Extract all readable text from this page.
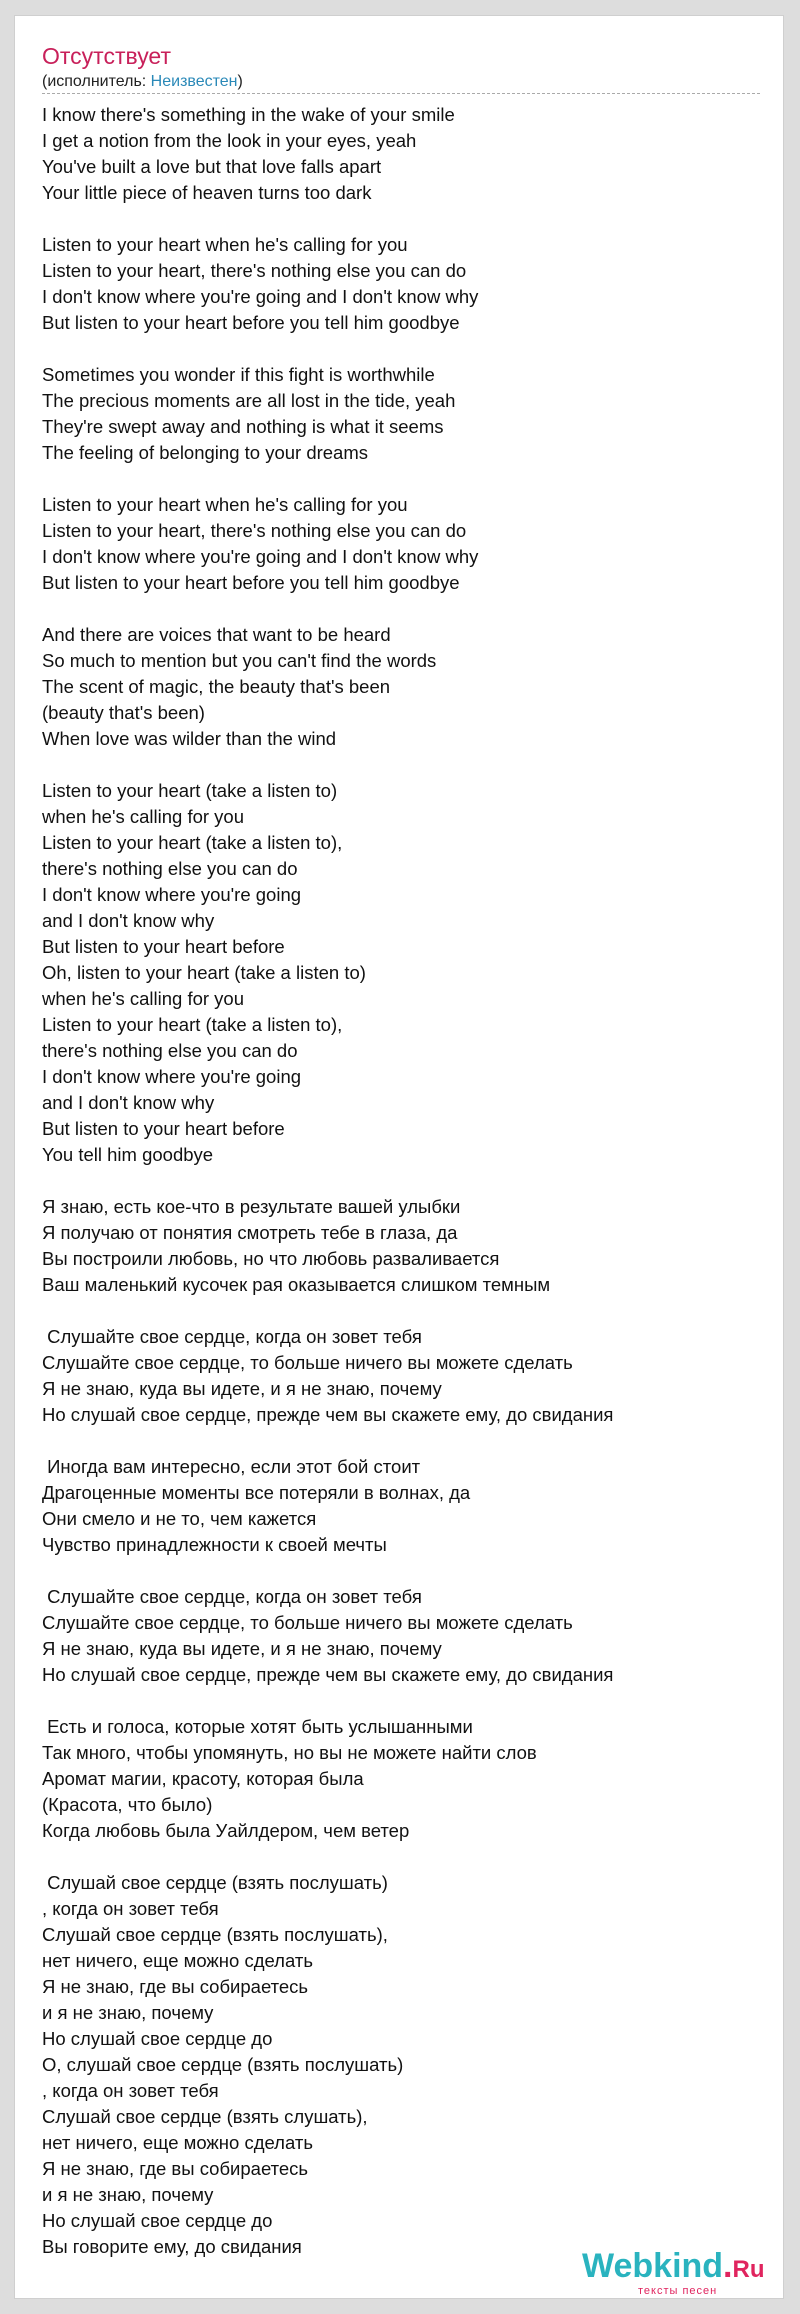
Отсутствует
(исполнитель: Неизвестен)
I know there's something in the wake of your smile
I get a notion from the look in your eyes, yeah
You've built a love but that love falls apart
Your little piece of heaven turns too dark
Listen to your heart when he's calling for you
Listen to your heart, there's nothing else you can do
I don't know where you're going and I don't know why
But listen to your heart before you tell him goodbye
Sometimes you wonder if this fight is worthwhile
The precious moments are all lost in the tide, yeah
They're swept away and nothing is what it seems
The feeling of belonging to your dreams
Listen to your heart when he's calling for you
Listen to your heart, there's nothing else you can do
I don't know where you're going and I don't know why
But listen to your heart before you tell him goodbye
And there are voices that want to be heard
So much to mention but you can't find the words
The scent of magic, the beauty that's been
(beauty that's been)
When love was wilder than the wind
Listen to your heart (take a listen to)
when he's calling for you
Listen to your heart (take a listen to),
there's nothing else you can do
I don't know where you're going
and I don't know why
But listen to your heart before
Oh, listen to your heart (take a listen to)
when he's calling for you
Listen to your heart (take a listen to),
there's nothing else you can do
I don't know where you're going
and I don't know why
But listen to your heart before
You tell him goodbye
Я знаю, есть кое-что в результате вашей улыбки
Я получаю от понятия смотреть тебе в глаза, да
Вы построили любовь, но что любовь разваливается
Ваш маленький кусочек рая оказывается слишком темным
Слушайте свое сердце, когда он зовет тебя
Слушайте свое сердце, то больше ничего вы можете сделать
Я не знаю, куда вы идете, и я не знаю, почему
Но слушай свое сердце, прежде чем вы скажете ему, до свидания
Иногда вам интересно, если этот бой стоит
Драгоценные моменты все потеряли в волнах, да
Они смело и не то, чем кажется
Чувство принадлежности к своей мечты
Слушайте свое сердце, когда он зовет тебя
Слушайте свое сердце, то больше ничего вы можете сделать
Я не знаю, куда вы идете, и я не знаю, почему
Но слушай свое сердце, прежде чем вы скажете ему, до свидания
Есть и голоса, которые хотят быть услышанными
Так много, чтобы упомянуть, но вы не можете найти слов
Аромат магии, красоту, которая была
(Красота, что было)
Когда любовь была Уайлдером, чем ветер
Слушай свое сердце (взять послушать)
, когда он зовет тебя
Слушай свое сердце (взять послушать),
нет ничего, еще можно сделать
Я не знаю, где вы собираетесь
и я не знаю, почему
Но слушай свое сердце до
О, слушай свое сердце (взять послушать)
, когда он зовет тебя
Слушай свое сердце (взять слушать),
нет ничего, еще можно сделать
Я не знаю, где вы собираетесь
и я не знаю, почему
Но слушай свое сердце до
Вы говорите ему, до свидания
Webkind.Ru
тексты песен
